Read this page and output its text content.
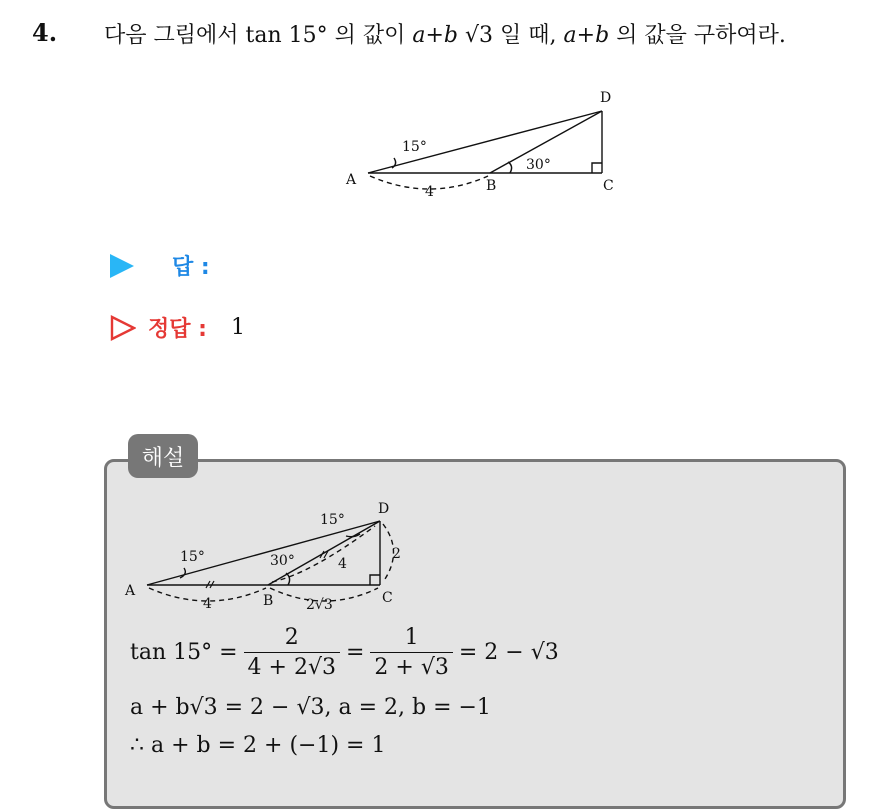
4. 다음 그림에서 tan 15° 의 값이 a+b √3 일 때, a+b 의 값을 구하여라.
A	B	C
D
15°
30°
4
답 :
정답 : 1
해설
A
B	C
D
15°
15°
30°
4
4
2√3
2
$\tan 15^\circ = \frac{2}{4 + 2√3} = \frac{1}{2 + √3} = 2 - √3$
a + b√3 = 2 − √3, a = 2, b = −1
∴ a + b = 2 + (−1) = 1
